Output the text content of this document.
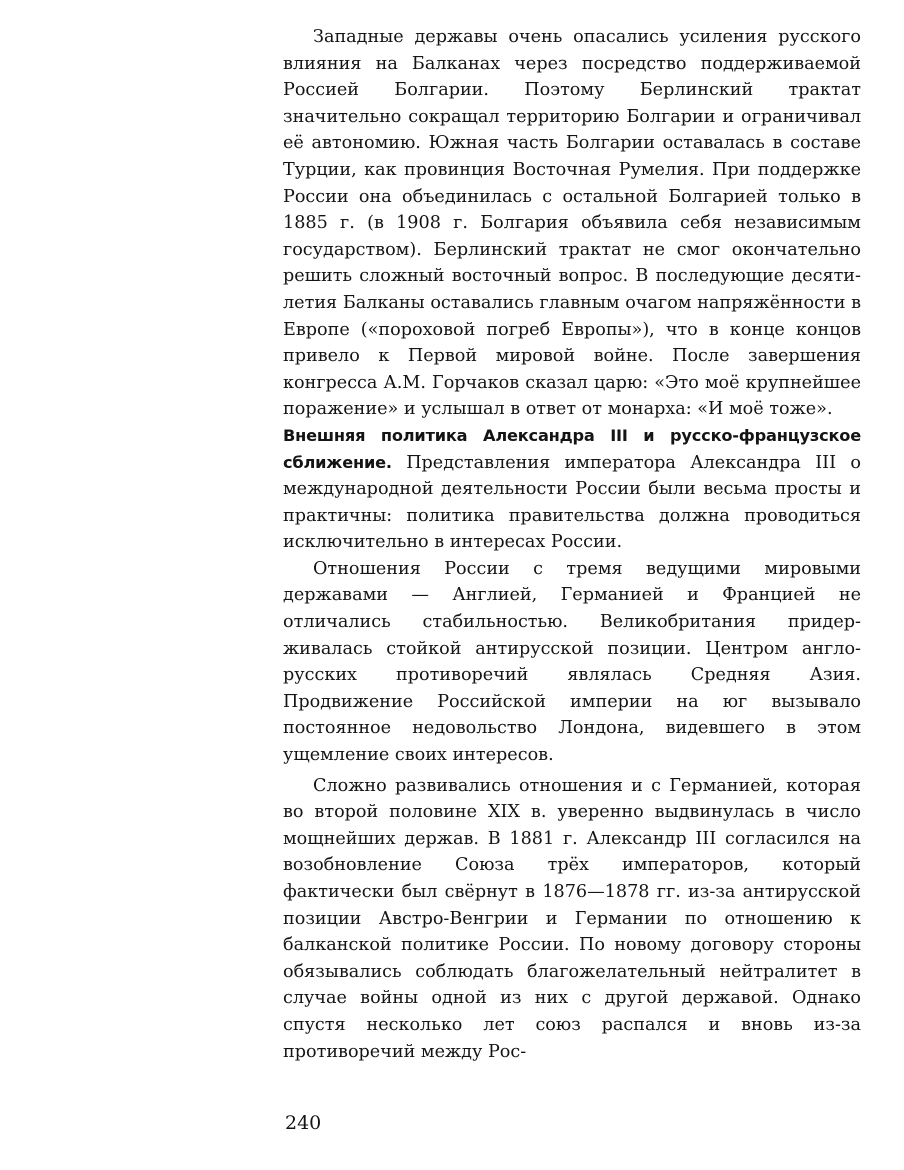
Западные державы очень опасались усиления русского влияния на Балканах через посредство поддерживаемой Россией Болгарии. Поэтому Берлинский трактат значительно сокращал территорию Болгарии и ограничивал её автономию. Южная часть Болгарии оставалась в составе Турции, как провинция Восточная Румелия. При поддержке России она объединилась с остальной Болгарией только в 1885 г. (в 1908 г. Болгария объявила себя независимым государством). Берлинский трактат не смог окончательно решить сложный восточный вопрос. В последующие десятилетия Балканы оставались главным очагом напряжённости в Европе («пороховой погреб Европы»), что в конце концов привело к Первой мировой войне. После завершения конгресса А.М. Горчаков сказал царю: «Это моё крупнейшее поражение» и услышал в ответ от монарха: «И моё тоже».

Внешняя политика Александра III и русско-французское сближение. Представления императора Александра III о международной деятельности России были весьма просты и практичны: политика правительства должна проводиться исключительно в интересах России.

Отношения России с тремя ведущими мировыми державами — Англией, Германией и Францией не отличались стабильностью. Великобритания придерживалась стойкой антирусской позиции. Центром англо-русских противоречий являлась Средняя Азия. Продвижение Российской империи на юг вызывало постоянное недовольство Лондона, видевшего в этом ущемление своих интересов.

Сложно развивались отношения и с Германией, которая во второй половине XIX в. уверенно выдвинулась в число мощнейших держав. В 1881 г. Александр III согласился на возобновление Союза трёх императоров, который фактически был свёрнут в 1876—1878 гг. из-за антирусской позиции Австро-Венгрии и Германии по отношению к балканской политике России. По новому договору стороны обязывались соблюдать благожелательный нейтралитет в случае войны одной из них с другой державой. Однако спустя несколько лет союз распался и вновь из-за противоречий между Рос-

240
